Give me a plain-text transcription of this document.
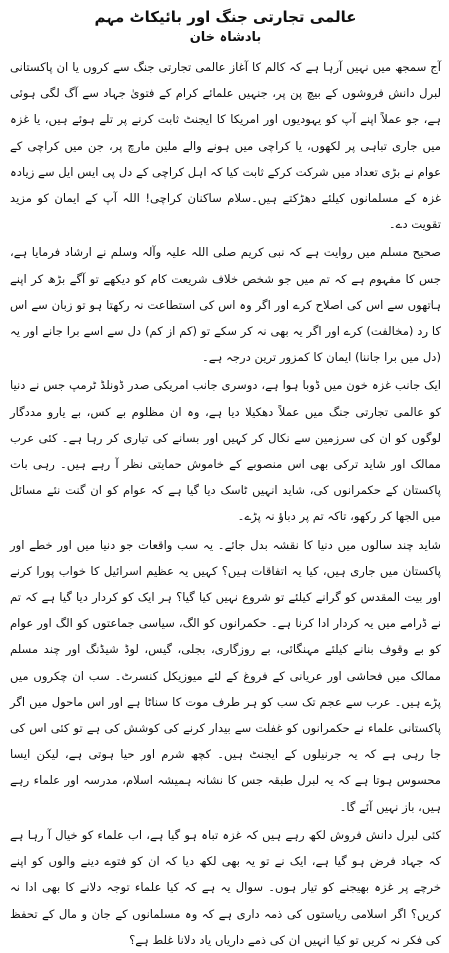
عالمی تجارتی جنگ اور بائیکاٹ مہم
بادشاہ خان

آج سمجھ میں نہیں آرہا ہے کہ کالم کا آغاز عالمی تجارتی جنگ سے کروں یا ان پاکستانی لبرل دانش فروشوں کے بیچ پن پر، جنہیں علمائے کرام کے فتویٰ جہاد سے آگ لگی ہوئی ہے، جو عملاً اپنے آپ کو یہودیوں اور امریکا کا ایجنٹ ثابت کرنے پر تلے ہوئے ہیں، یا غزہ میں جاری تباہی پر لکھوں، یا کراچی میں ہونے والے ملین مارچ پر، جن میں کراچی کے عوام نے بڑی تعداد میں شرکت کرکے ثابت کیا کہ اہل کراچی کے دل پی ایس ایل سے زیادہ غزہ کے مسلمانوں کیلئے دھڑکتے ہیں۔سلام ساکنان کراچی! اللہ آپ کے ایمان کو مزید تقویت دے۔

صحیح مسلم میں روایت ہے کہ نبی کریم صلی اللہ علیہ وآلہ وسلم نے ارشاد فرمایا ہے، جس کا مفہوم ہے کہ تم میں جو شخص خلاف شریعت کام کو دیکھے تو آگے بڑھ کر اپنے ہاتھوں سے اس کی اصلاح کرے اور اگر وہ اس کی استطاعت نہ رکھتا ہو تو زبان سے اس کا رد (مخالفت) کرے اور اگر یہ بھی نہ کر سکے تو (کم از کم) دل سے اسے برا جانے اور یہ (دل میں برا جاننا) ایمان کا کمزور ترین درجہ ہے۔

ایک جانب غزہ خون میں ڈوبا ہوا ہے، دوسری جانب امریکی صدر ڈونلڈ ٹرمپ جس نے دنیا کو عالمی تجارتی جنگ میں عملاً دھکیلا دیا ہے، وہ ان مظلوم بے کس، بے یارو مددگار لوگوں کو ان کی سرزمین سے نکال کر کہیں اور بسانے کی تیاری کر رہا ہے۔ کئی عرب ممالک اور شاید ترکی بھی اس منصوبے کے خاموش حمایتی نظر آ رہے ہیں۔ رہی بات پاکستان کے حکمرانوں کی، شاید انہیں ٹاسک دیا گیا ہے کہ عوام کو ان گنت نئے مسائل میں الجھا کر رکھو، تاکہ تم پر دباؤ نہ پڑے۔

شاید چند سالوں میں دنیا کا نقشہ بدل جائے۔ یہ سب واقعات جو دنیا میں اور خطے اور پاکستان میں جاری ہیں، کیا یہ اتفاقات ہیں؟ کہیں یہ عظیم اسرائیل کا خواب پورا کرنے اور بیت المقدس کو گرانے کیلئے تو شروع نہیں کیا گیا؟ ہر ایک کو کردار دیا گیا ہے کہ تم نے ڈرامے میں یہ کردار ادا کرنا ہے۔ حکمرانوں کو الگ، سیاسی جماعتوں کو الگ اور عوام کو بے وقوف بنانے کیلئے مہنگائی، بے روزگاری، بجلی، گیس، لوڈ شیڈنگ اور چند مسلم ممالک میں فحاشی اور عریانی کے فروغ کے لئے میوزیکل کنسرٹ۔ سب ان چکروں میں پڑے ہیں۔ عرب سے عجم تک سب کو ہر طرف موت کا سناٹا ہے اور اس ماحول میں اگر پاکستانی علماء نے حکمرانوں کو غفلت سے بیدار کرنے کی کوشش کی ہے تو کئی اس کی جا رہی ہے کہ یہ جرنیلوں کے ایجنٹ ہیں۔ کچھ شرم اور حیا ہوتی ہے، لیکن ایسا محسوس ہوتا ہے کہ یہ لبرل طبقہ جس کا نشانہ ہمیشہ اسلام، مدرسہ اور علماء رہے ہیں، باز نہیں آئے گا۔

کئی لبرل دانش فروش لکھ رہے ہیں کہ غزہ تباہ ہو گیا ہے، اب علماء کو خیال آ رہا ہے کہ جہاد فرض ہو گیا ہے، ایک نے تو یہ بھی لکھ دیا کہ ان کو فتوے دینے والوں کو اپنے خرچے پر غزہ بھیجنے کو تیار ہوں۔ سوال یہ ہے کہ کیا علماء توجہ دلانے کا بھی ادا نہ کریں؟ اگر اسلامی ریاستوں کی ذمہ داری ہے کہ وہ مسلمانوں کے جان و مال کے تحفظ کی فکر نہ کریں تو کیا انہیں ان کی ذمے داریاں یاد دلانا غلط ہے؟
